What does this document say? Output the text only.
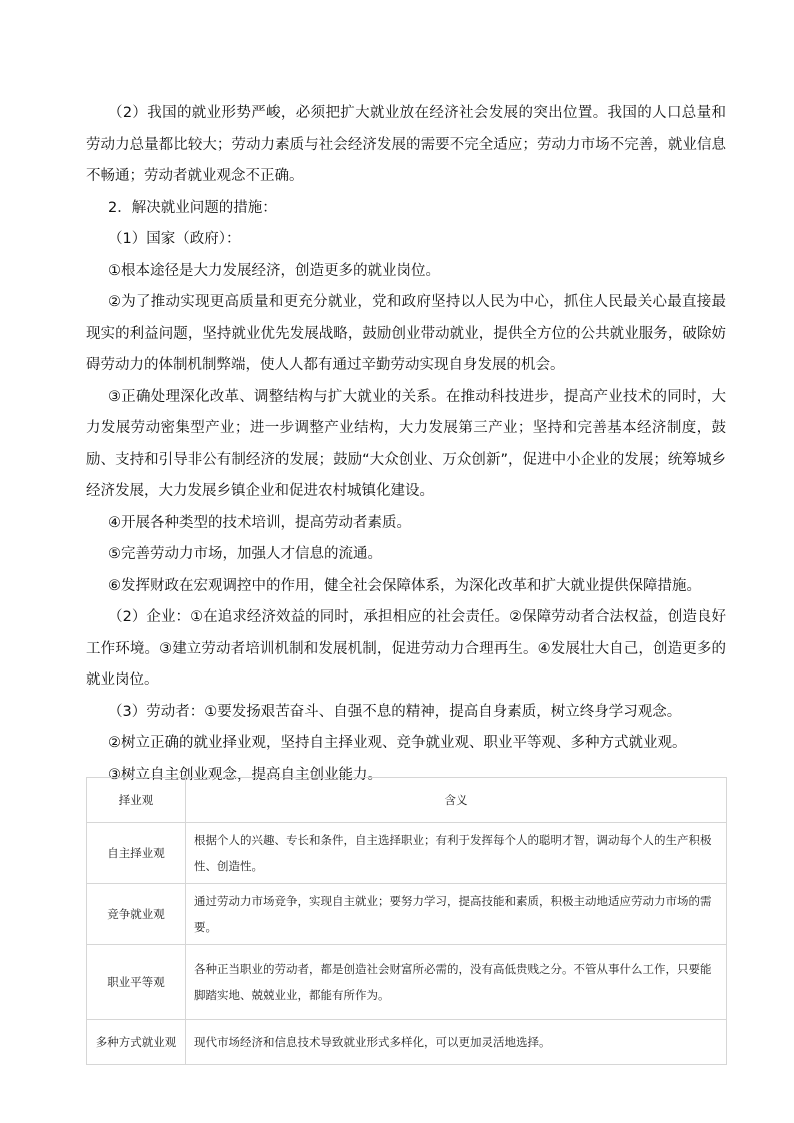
（2）我国的就业形势严峻，必须把扩大就业放在经济社会发展的突出位置。我国的人口总量和劳动力总量都比较大；劳动力素质与社会经济发展的需要不完全适应；劳动力市场不完善，就业信息不畅通；劳动者就业观念不正确。

2．解决就业问题的措施：

（1）国家（政府）：

①根本途径是大力发展经济，创造更多的就业岗位。

②为了推动实现更高质量和更充分就业，党和政府坚持以人民为中心，抓住人民最关心最直接最现实的利益问题，坚持就业优先发展战略，鼓励创业带动就业，提供全方位的公共就业服务，破除妨碍劳动力的体制机制弊端，使人人都有通过辛勤劳动实现自身发展的机会。

③正确处理深化改革、调整结构与扩大就业的关系。在推动科技进步，提高产业技术的同时，大力发展劳动密集型产业；进一步调整产业结构，大力发展第三产业；坚持和完善基本经济制度，鼓励、支持和引导非公有制经济的发展；鼓励“大众创业、万众创新”，促进中小企业的发展；统筹城乡经济发展，大力发展乡镇企业和促进农村城镇化建设。

④开展各种类型的技术培训，提高劳动者素质。

⑤完善劳动力市场，加强人才信息的流通。

⑥发挥财政在宏观调控中的作用，健全社会保障体系，为深化改革和扩大就业提供保障措施。

（2）企业：①在追求经济效益的同时，承担相应的社会责任。②保障劳动者合法权益，创造良好工作环境。③建立劳动者培训机制和发展机制，促进劳动力合理再生。④发展壮大自己，创造更多的就业岗位。

（3）劳动者：①要发扬艰苦奋斗、自强不息的精神，提高自身素质，树立终身学习观念。

②树立正确的就业择业观，坚持自主择业观、竞争就业观、职业平等观、多种方式就业观。

③树立自主创业观念，提高自主创业能力。

择业观	含义
自主择业观	根据个人的兴趣、专长和条件，自主选择职业；有利于发挥每个人的聪明才智，调动每个人的生产积极性、创造性。
竞争就业观	通过劳动力市场竞争，实现自主就业；要努力学习，提高技能和素质，积极主动地适应劳动力市场的需要。
职业平等观	各种正当职业的劳动者，都是创造社会财富所必需的，没有高低贵贱之分。不管从事什么工作，只要能脚踏实地、兢兢业业，都能有所作为。
多种方式就业观	现代市场经济和信息技术导致就业形式多样化，可以更加灵活地选择。
